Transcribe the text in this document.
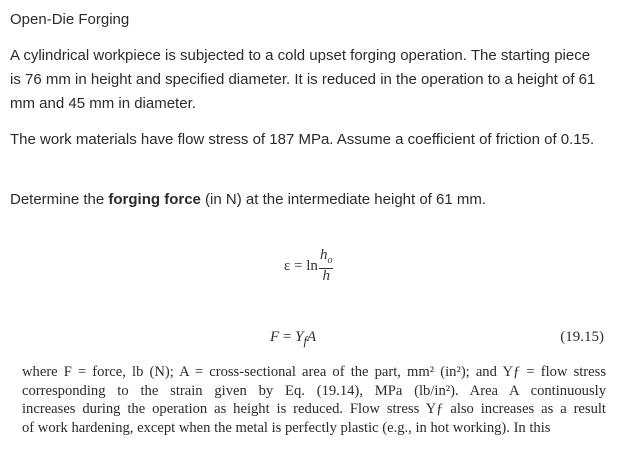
Open-Die Forging

A cylindrical workpiece is subjected to a cold upset forging operation. The starting piece is 76 mm in height and specified diameter. It is reduced in the operation to a height of 61 mm and 45 mm in diameter.

The work materials have flow stress of 187 MPa. Assume a coefficient of friction of 0.15.

Determine the forging force (in N) at the intermediate height of 61 mm.

$\varepsilon = \ln \frac{h_o}{h}$
$F = Y_fA$	(19.15)
where F = force, lb (N); A = cross-sectional area of the part, mm² (in²); and Yƒ = flow stress
corresponding to the strain given by Eq. (19.14), MPa (lb/in²). Area A continuously
increases during the operation as height is reduced. Flow stress Yƒ also increases as a result
of work hardening, except when the metal is perfectly plastic (e.g., in hot working). In this
